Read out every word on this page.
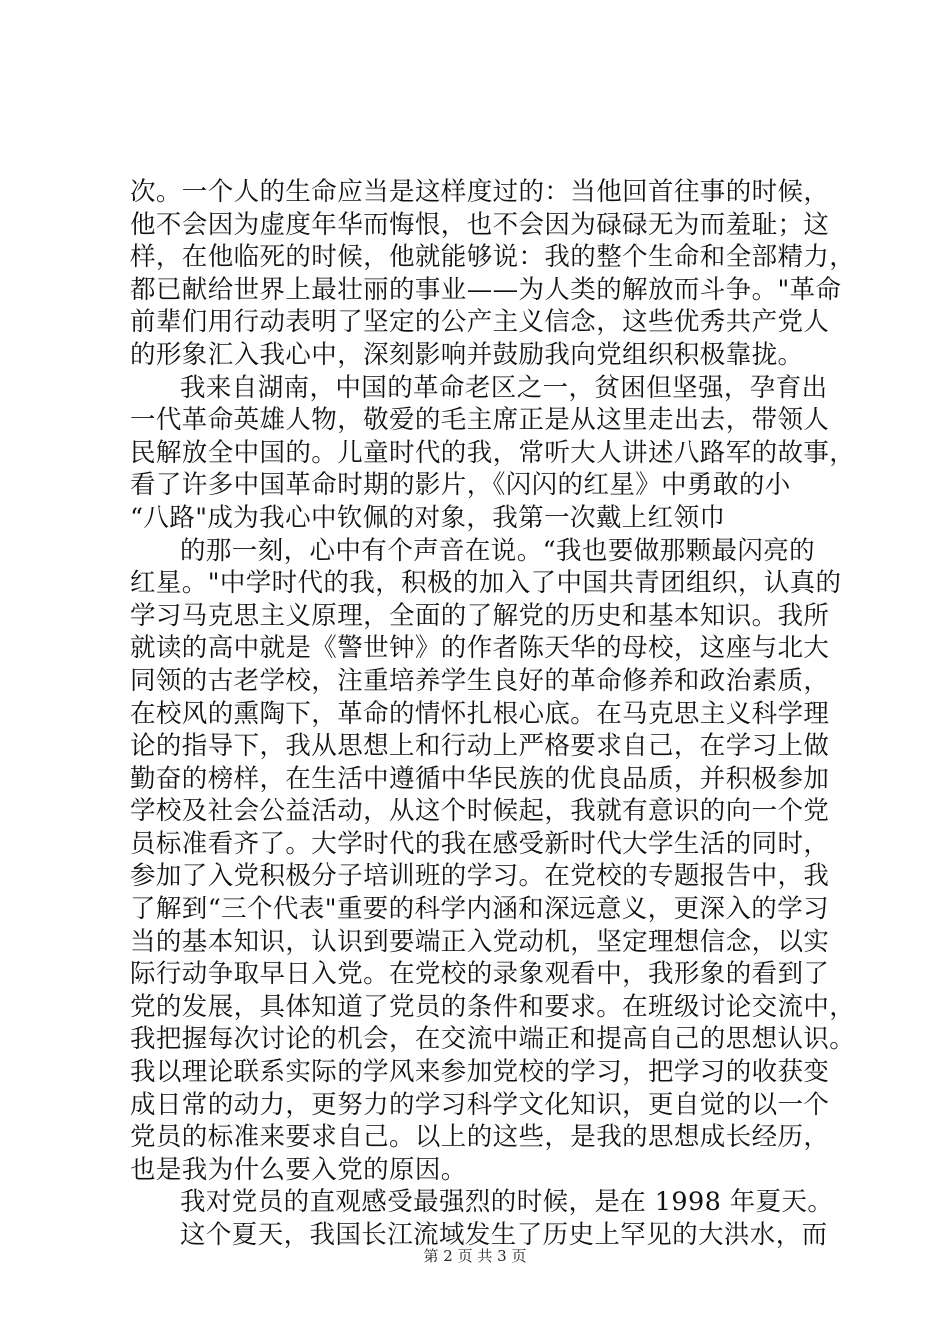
次。一个人的生命应当是这样度过的：当他回首往事的时候，
他不会因为虚度年华而悔恨，也不会因为碌碌无为而羞耻；这
样，在他临死的时候，他就能够说：我的整个生命和全部精力，
都已献给世界上最壮丽的事业——为人类的解放而斗争。"革命
前辈们用行动表明了坚定的公产主义信念，这些优秀共产党人
的形象汇入我心中，深刻影响并鼓励我向党组织积极靠拢。
我来自湖南，中国的革命老区之一，贫困但坚强，孕育出
一代革命英雄人物，敬爱的毛主席正是从这里走出去，带领人
民解放全中国的。儿童时代的我，常听大人讲述八路军的故事，
看了许多中国革命时期的影片，《闪闪的红星》中勇敢的小
“八路"成为我心中钦佩的对象，我第一次戴上红领巾
的那一刻，心中有个声音在说。“我也要做那颗最闪亮的
红星。"中学时代的我，积极的加入了中国共青团组织，认真的
学习马克思主义原理，全面的了解党的历史和基本知识。我所
就读的高中就是《警世钟》的作者陈天华的母校，这座与北大
同领的古老学校，注重培养学生良好的革命修养和政治素质，
在校风的熏陶下，革命的情怀扎根心底。在马克思主义科学理
论的指导下，我从思想上和行动上严格要求自己，在学习上做
勤奋的榜样，在生活中遵循中华民族的优良品质，并积极参加
学校及社会公益活动，从这个时候起，我就有意识的向一个党
员标准看齐了。大学时代的我在感受新时代大学生活的同时，
参加了入党积极分子培训班的学习。在党校的专题报告中，我
了解到“三个代表"重要的科学内涵和深远意义，更深入的学习
当的基本知识，认识到要端正入党动机，坚定理想信念，以实
际行动争取早日入党。在党校的录象观看中，我形象的看到了
党的发展，具体知道了党员的条件和要求。在班级讨论交流中，
我把握每次讨论的机会，在交流中端正和提高自己的思想认识。
我以理论联系实际的学风来参加党校的学习，把学习的收获变
成日常的动力，更努力的学习科学文化知识，更自觉的以一个
党员的标准来要求自己。以上的这些，是我的思想成长经历，
也是我为什么要入党的原因。
我对党员的直观感受最强烈的时候，是在 1998 年夏天。
这个夏天，我国长江流域发生了历史上罕见的大洪水，而
第 2 页 共 3 页
